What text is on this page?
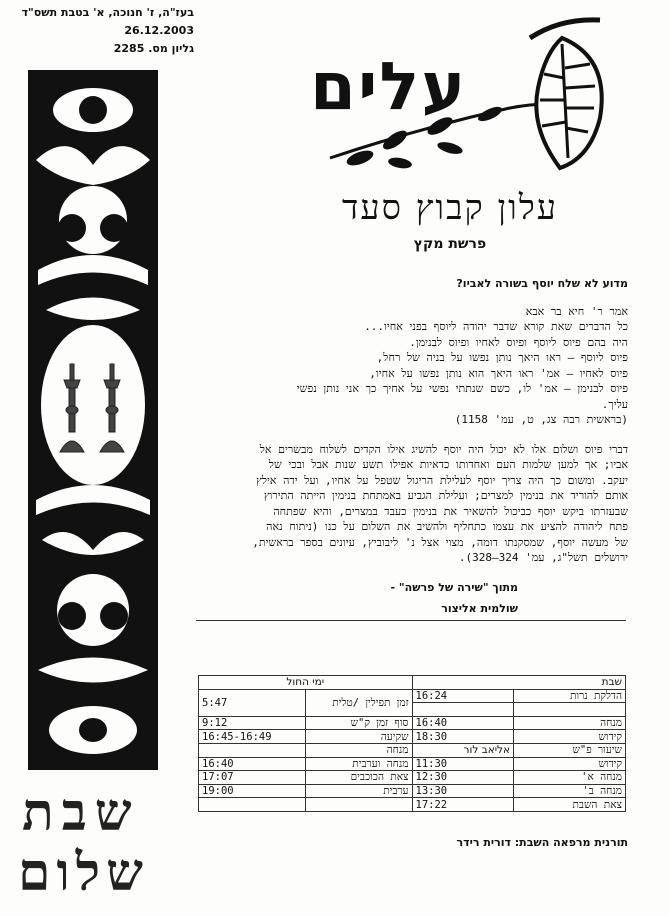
בעז"ה, ז' חנוכה, א' בטבת תשס"ד
26.12.2003
גליון מס. 2285
שבת
שלום
עלים
עלון קבוץ סעד
פרשת מקץ

מדוע לא שלח יוסף בשורה לאביו?

אמר ר' חיא בר אבא

כל הדברים שאת קורא שדבר יהודה ליוסף בפני אחיו...

היה בהם פיוס ליוסף ופיוס לאחיו ופיוס לבנימן.

פיוס ליוסף — ראו היאך נותן נפשו על בניה של רחל,

פיוס לאחיו — אמ' ראו היאך הוא נותן נפשו על אחיו,

פיוס לבנימן — אמ' לו, כשם שנתתי נפשי על אחיך כך אני נותן נפשי

עליך.

(בראשית רבה צג, ט, עמ' 1158)

דברי פיוס ושלום אלו לא יכול היה יוסף להשיג אילו הקדים לשלוח מבשרים אל

אביו; אך למען שלמות העם ואחדותו כדאיות אפילו תשע שנות אבל ובכי של

יעקב. ומשום כך היה צריך יוסף לעלילת הריגול שטפל על אחיו, ועל ידה אילץ

אותם להוריד את בנימין למצרים; ועלילת הגביע באמתחת בנימין הייתה התירוץ

שבעזרתו ביקש יוסף כביכול להשאיר את בנימין כעבד במצרים, והיא שפתחה

פתח ליהודה להציע את עצמו כתחליף ולהשיב את השלום על כנו (ניתוח נאה

של מעשה יוסף, שמסקנתו דומה, מצוי אצל נ' ליבוביץ, עיונים בספר בראשית,

ירושלים תשל"ג, עמ' 324–328).

מתוך "שירה של פרשה" -

שולמית אליצור

שבת		ימי החול	
הדלקת נרות	16:24	זמן תפילין /טלית	5:47

מנחה	16:40	סוף זמן ק"ש	9:12
קידוש	18:30	שקיעה	16:45-16:49
שיעור פ"ש	אליאב לור	מנחה	
קידוש	11:30	מנחה וערבית	16:40
מנחה א'	12:30	צאת הכוכבים	17:07
מנחה ב'	13:30	ערבית	19:00
צאת השבת	17:22		
תורנית מרפאה השבת: דורית רידר
